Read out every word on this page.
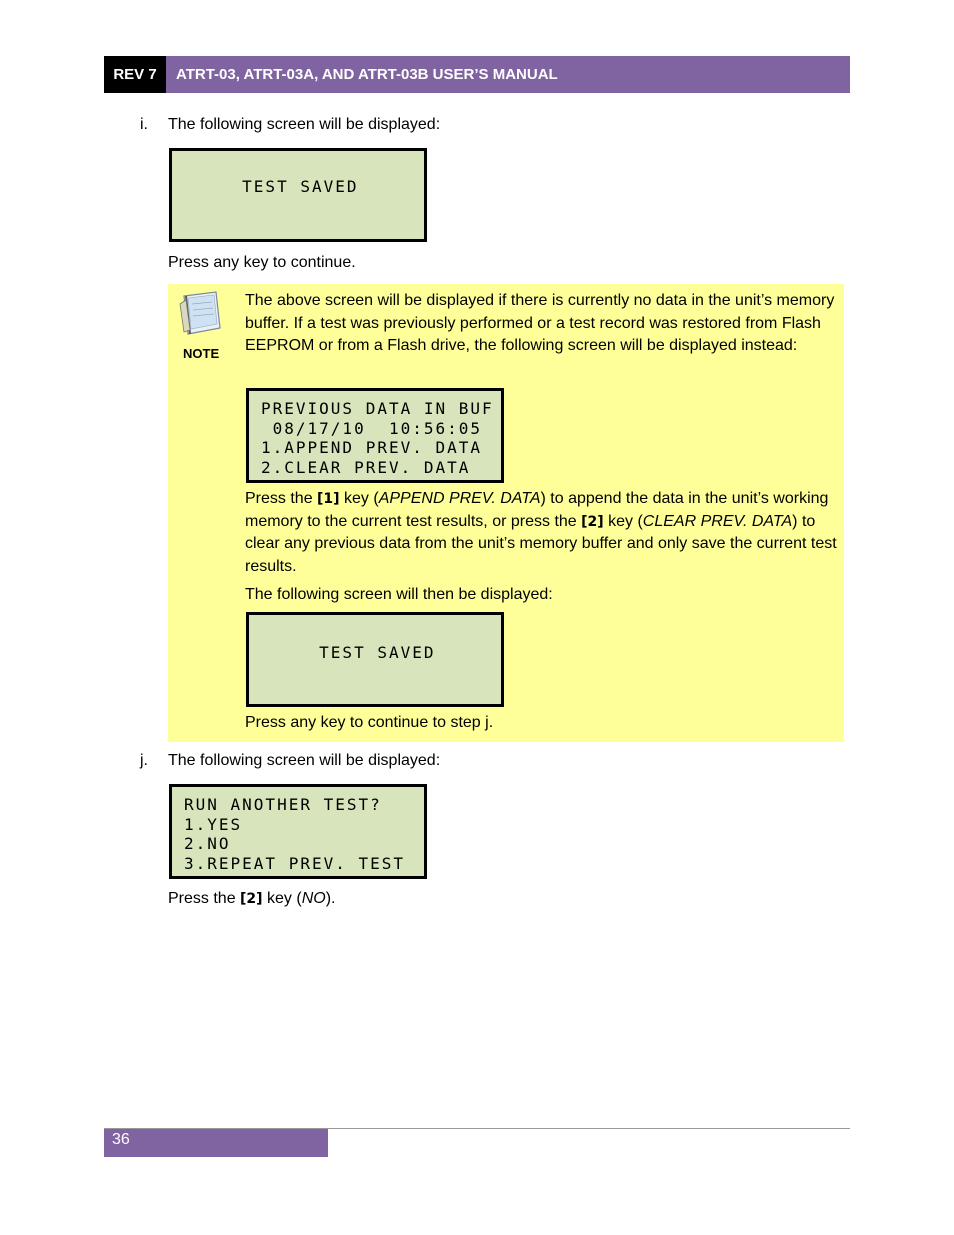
REV 7	ATRT-03, ATRT-03A, AND ATRT-03B USER’S MANUAL
i. The following screen will be displayed:
TEST SAVED
Press any key to continue.
NOTE
The above screen will be displayed if there is currently no data in the unit’s memory buffer. If a test was previously performed or a test record was restored from Flash EEPROM or from a Flash drive, the following screen will be displayed instead:
PREVIOUS DATA IN BUF
08/17/10  10:56:05
1.APPEND PREV. DATA
2.CLEAR PREV. DATA
Press the [1] key (APPEND PREV. DATA) to append the data in the unit’s working memory to the current test results, or press the [2] key (CLEAR PREV. DATA) to clear any previous data from the unit’s memory buffer and only save the current test results.
The following screen will then be displayed:
TEST SAVED
Press any key to continue to step j.
j. The following screen will be displayed:
RUN ANOTHER TEST?
1.YES
2.NO
3.REPEAT PREV. TEST
Press the [2] key (NO).
36
